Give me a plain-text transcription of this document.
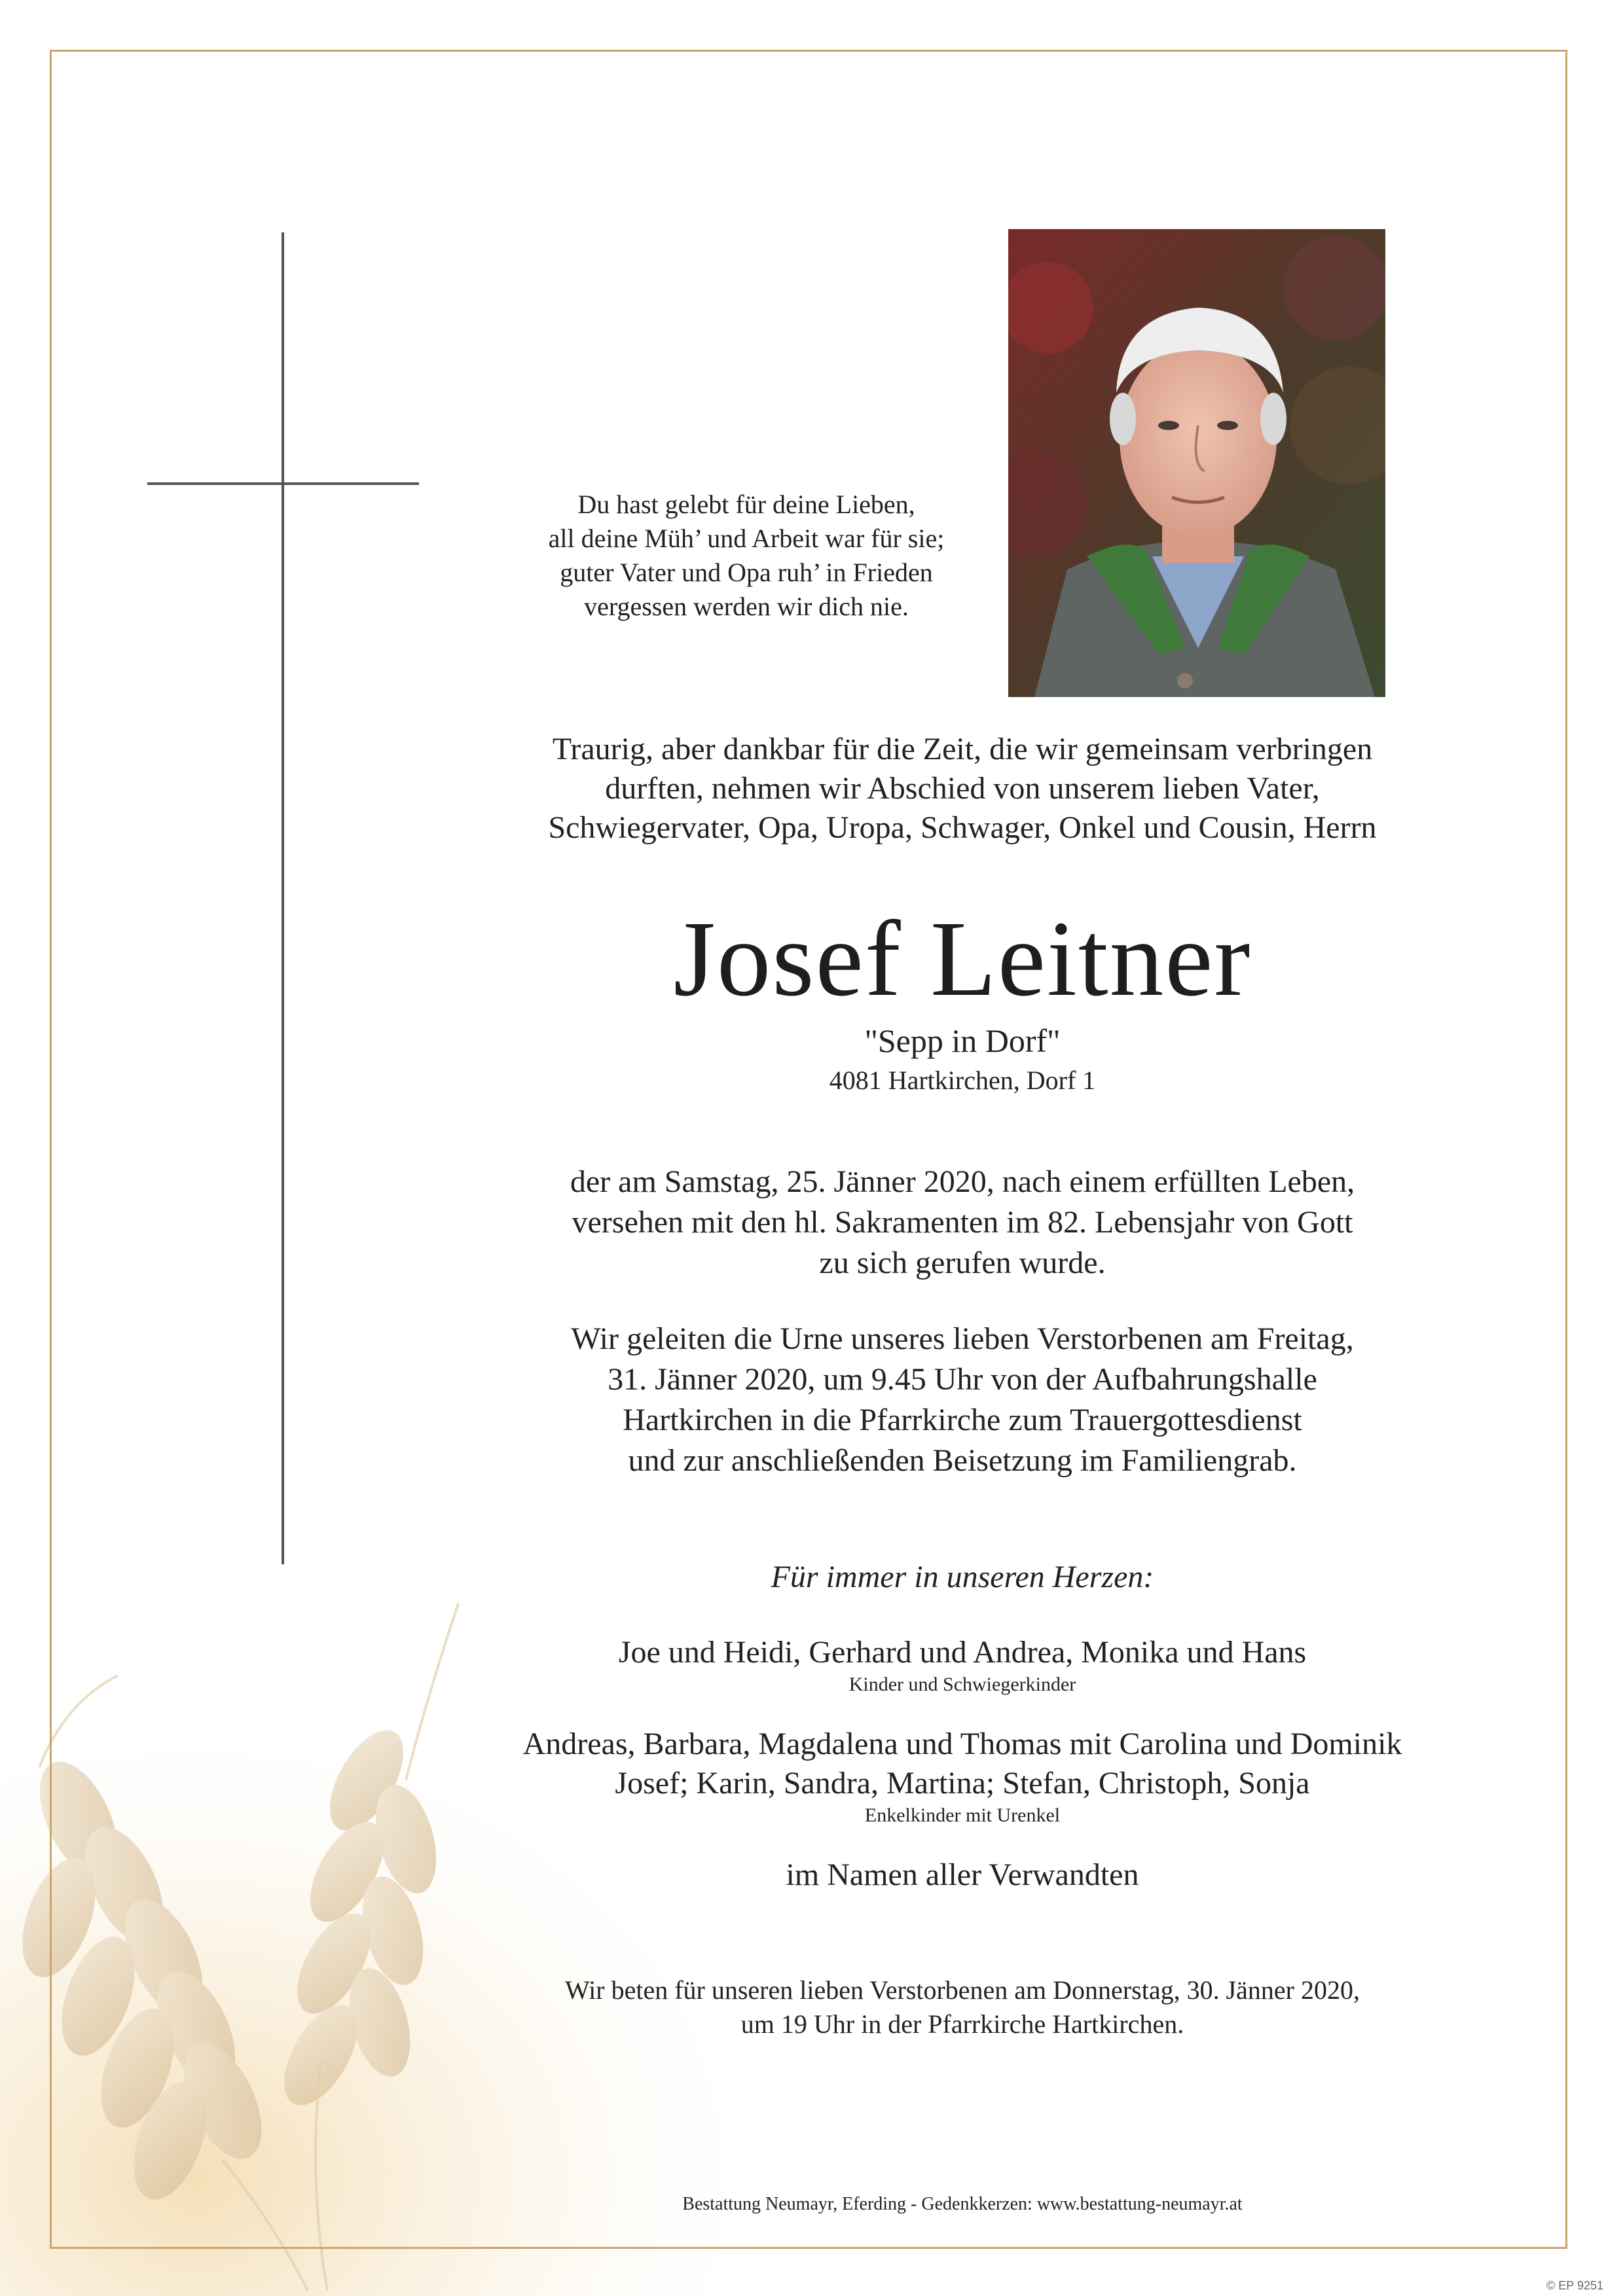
Du hast gelebt für deine Lieben,
all deine Müh’ und Arbeit war für sie;
guter Vater und Opa ruh’ in Frieden
vergessen werden wir dich nie.
Traurig, aber dankbar für die Zeit, die wir gemeinsam verbringen
durften, nehmen wir Abschied von unserem lieben Vater,
Schwiegervater, Opa, Uropa, Schwager, Onkel und Cousin, Herrn
Josef Leitner
"Sepp in Dorf"
4081 Hartkirchen, Dorf 1
der am Samstag, 25. Jänner 2020, nach einem erfüllten Leben,
versehen mit den hl. Sakramenten im 82. Lebensjahr von Gott
zu sich gerufen wurde.
Wir geleiten die Urne unseres lieben Verstorbenen am Freitag,
31. Jänner 2020, um 9.45 Uhr von der Aufbahrungshalle
Hartkirchen in die Pfarrkirche zum Trauergottesdienst
und zur anschließenden Beisetzung im Familiengrab.
Für immer in unseren Herzen:
Joe und Heidi, Gerhard und Andrea, Monika und Hans
Kinder und Schwiegerkinder
Andreas, Barbara, Magdalena und Thomas mit Carolina und Dominik
Josef; Karin, Sandra, Martina; Stefan, Christoph, Sonja
Enkelkinder mit Urenkel
im Namen aller Verwandten
Wir beten für unseren lieben Verstorbenen am Donnerstag, 30. Jänner 2020,
um 19 Uhr in der Pfarrkirche Hartkirchen.
Bestattung Neumayr, Eferding - Gedenkkerzen: www.bestattung-neumayr.at
© EP 9251
